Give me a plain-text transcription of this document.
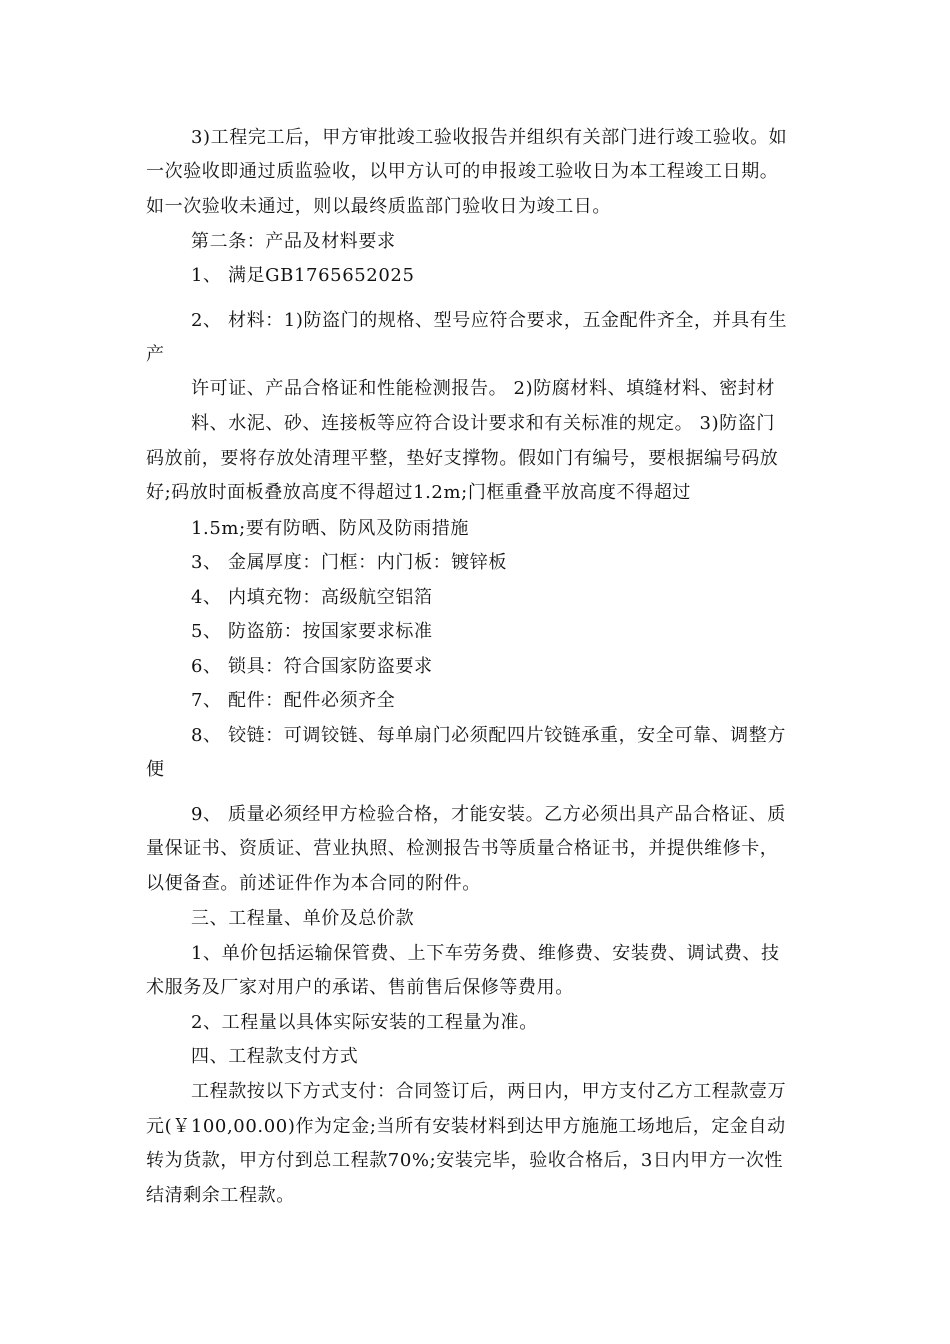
3)工程完工后，甲方审批竣工验收报告并组织有关部门进行竣工验收。如
一次验收即通过质监验收，以甲方认可的申报竣工验收日为本工程竣工日期。
如一次验收未通过，则以最终质监部门验收日为竣工日。
第二条：产品及材料要求
1、 满足GB1765652025
2、 材料：1)防盗门的规格、型号应符合要求，五金配件齐全，并具有生
产
许可证、产品合格证和性能检测报告。 2)防腐材料、填缝材料、密封材
料、水泥、砂、连接板等应符合设计要求和有关标准的规定。 3)防盗门
码放前，要将存放处清理平整，垫好支撑物。假如门有编号，要根据编号码放
好;码放时面板叠放高度不得超过1.2m;门框重叠平放高度不得超过
1.5m;要有防晒、防风及防雨措施
3、 金属厚度：门框：内门板：镀锌板
4、 内填充物：高级航空铝箔
5、 防盗筋：按国家要求标准
6、 锁具：符合国家防盗要求
7、 配件：配件必须齐全
8、 铰链：可调铰链、每单扇门必须配四片铰链承重，安全可靠、调整方
便
9、 质量必须经甲方检验合格，才能安装。乙方必须出具产品合格证、质
量保证书、资质证、营业执照、检测报告书等质量合格证书，并提供维修卡，
以便备查。前述证件作为本合同的附件。
三、工程量、单价及总价款
1、单价包括运输保管费、上下车劳务费、维修费、安装费、调试费、技
术服务及厂家对用户的承诺、售前售后保修等费用。
2、工程量以具体实际安装的工程量为准。
四、工程款支付方式
工程款按以下方式支付：合同签订后，两日内，甲方支付乙方工程款壹万
元(￥100,00.00)作为定金;当所有安装材料到达甲方施施工场地后，定金自动
转为货款，甲方付到总工程款70%;安装完毕，验收合格后，3日内甲方一次性
结清剩余工程款。
